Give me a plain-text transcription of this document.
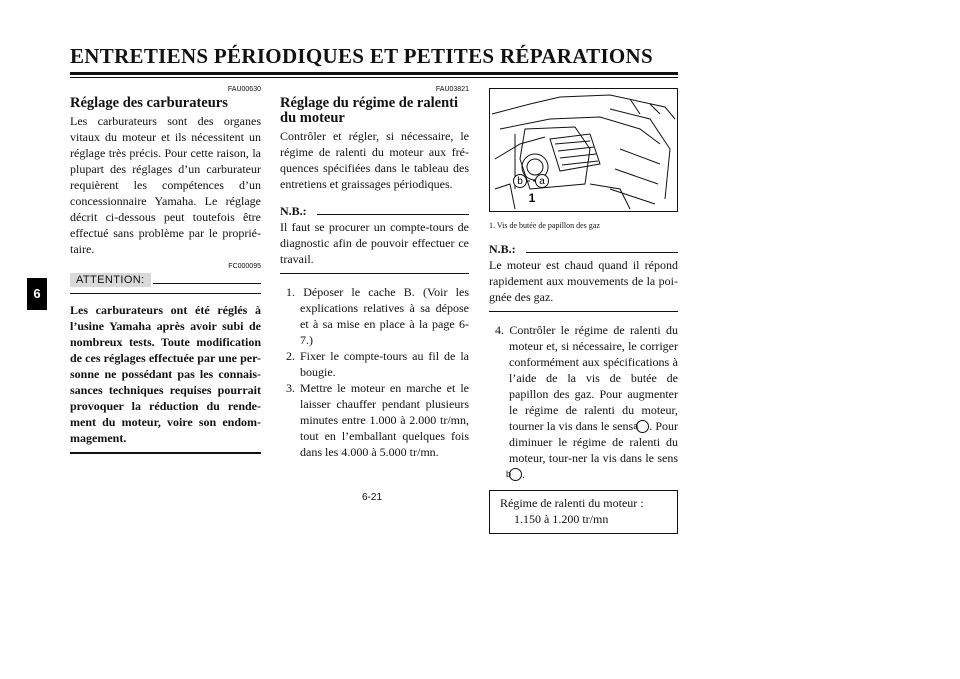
ENTRETIENS PÉRIODIQUES ET PETITES RÉPARATIONS
6
FAU00630
Réglage des carburateurs

Les carburateurs sont des organes vitaux du moteur et ils nécessitent un réglage très précis. Pour cette raison, la plupart des réglages d’un carburateur requièrent les compétences d’un concessionnaire Yamaha. Le réglage décrit ci-dessous peut toutefois être effectué sans problème par le proprié-taire.

FC000095
ATTENTION:

Les carburateurs ont été réglés à l’usine Yamaha après avoir subi de nombreux tests. Toute modification de ces réglages effectuée par une per-sonne ne possédant pas les connais-sances techniques requises pourrait provoquer la réduction du rende-ment du moteur, voire son endom-magement.

FAU03821
Réglage du régime de ralenti
du moteur

Contrôler et régler, si nécessaire, le régime de ralenti du moteur aux fré-quences spécifiées dans le tableau des entretiens et graissages périodiques.

N.B.:

Il faut se procurer un compte-tours de diagnostic afin de pouvoir effectuer ce travail.

1. Déposer le cache B. (Voir les explications relatives à sa dépose et à sa mise en place à la page 6-7.)
2. Fixer le compte-tours au fil de la bougie.
3. Mettre le moteur en marche et le laisser chauffer pendant plusieurs minutes entre 1.000 à 2.000 tr/mn, tout en l’emballant quelques fois dans les 4.000 à 5.000 tr/mn.
b a
1
1. Vis de butée de papillon des gaz
N.B.:

Le moteur est chaud quand il répond rapidement aux mouvements de la poi-gnée des gaz.

4. Contrôler le régime de ralenti du moteur et, si nécessaire, le corriger conformément aux spécifications à l’aide de la vis de butée de papillon des gaz. Pour augmenter le régime de ralenti du moteur, tourner la vis dans le sens a . Pour diminuer le régime de ralenti du moteur, tour-ner la vis dans le sens b .
Régime de ralenti du moteur :
1.150 à 1.200 tr/mn
6-21
